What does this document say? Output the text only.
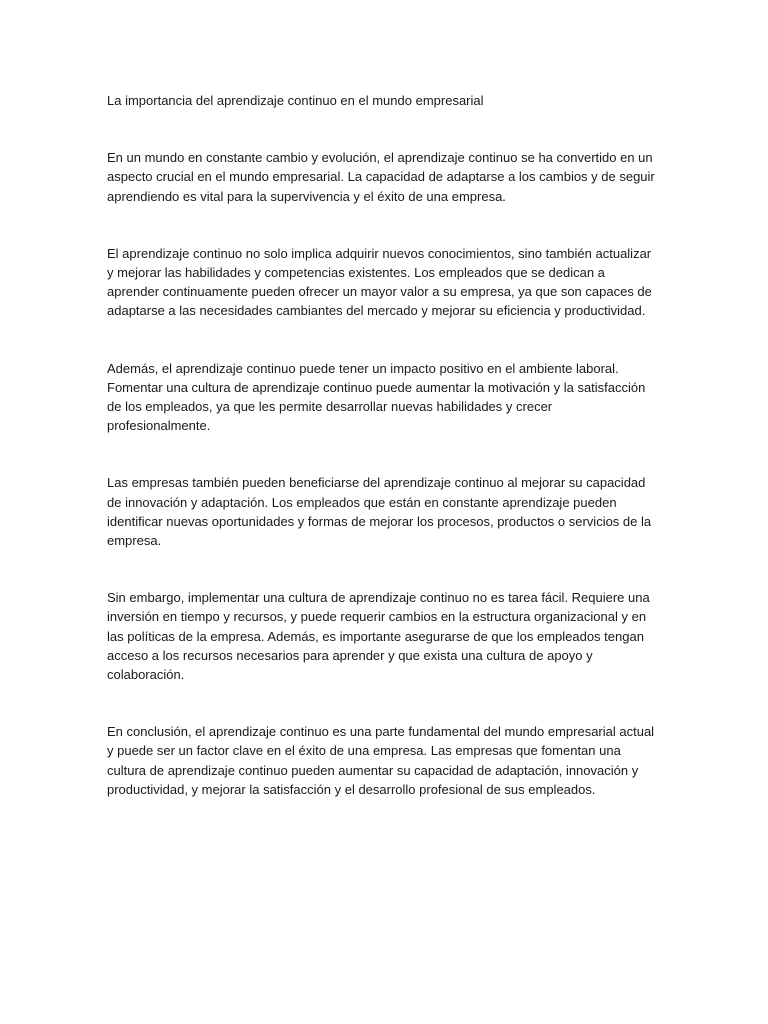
La importancia del aprendizaje continuo en el mundo empresarial

En un mundo en constante cambio y evolución, el aprendizaje continuo se ha convertido en un aspecto crucial en el mundo empresarial. La capacidad de adaptarse a los cambios y de seguir aprendiendo es vital para la supervivencia y el éxito de una empresa.

El aprendizaje continuo no solo implica adquirir nuevos conocimientos, sino también actualizar y mejorar las habilidades y competencias existentes. Los empleados que se dedican a aprender continuamente pueden ofrecer un mayor valor a su empresa, ya que son capaces de adaptarse a las necesidades cambiantes del mercado y mejorar su eficiencia y productividad.

Además, el aprendizaje continuo puede tener un impacto positivo en el ambiente laboral. Fomentar una cultura de aprendizaje continuo puede aumentar la motivación y la satisfacción de los empleados, ya que les permite desarrollar nuevas habilidades y crecer profesionalmente.

Las empresas también pueden beneficiarse del aprendizaje continuo al mejorar su capacidad de innovación y adaptación. Los empleados que están en constante aprendizaje pueden identificar nuevas oportunidades y formas de mejorar los procesos, productos o servicios de la empresa.

Sin embargo, implementar una cultura de aprendizaje continuo no es tarea fácil. Requiere una inversión en tiempo y recursos, y puede requerir cambios en la estructura organizacional y en las políticas de la empresa. Además, es importante asegurarse de que los empleados tengan acceso a los recursos necesarios para aprender y que exista una cultura de apoyo y colaboración.

En conclusión, el aprendizaje continuo es una parte fundamental del mundo empresarial actual y puede ser un factor clave en el éxito de una empresa. Las empresas que fomentan una cultura de aprendizaje continuo pueden aumentar su capacidad de adaptación, innovación y productividad, y mejorar la satisfacción y el desarrollo profesional de sus empleados.
